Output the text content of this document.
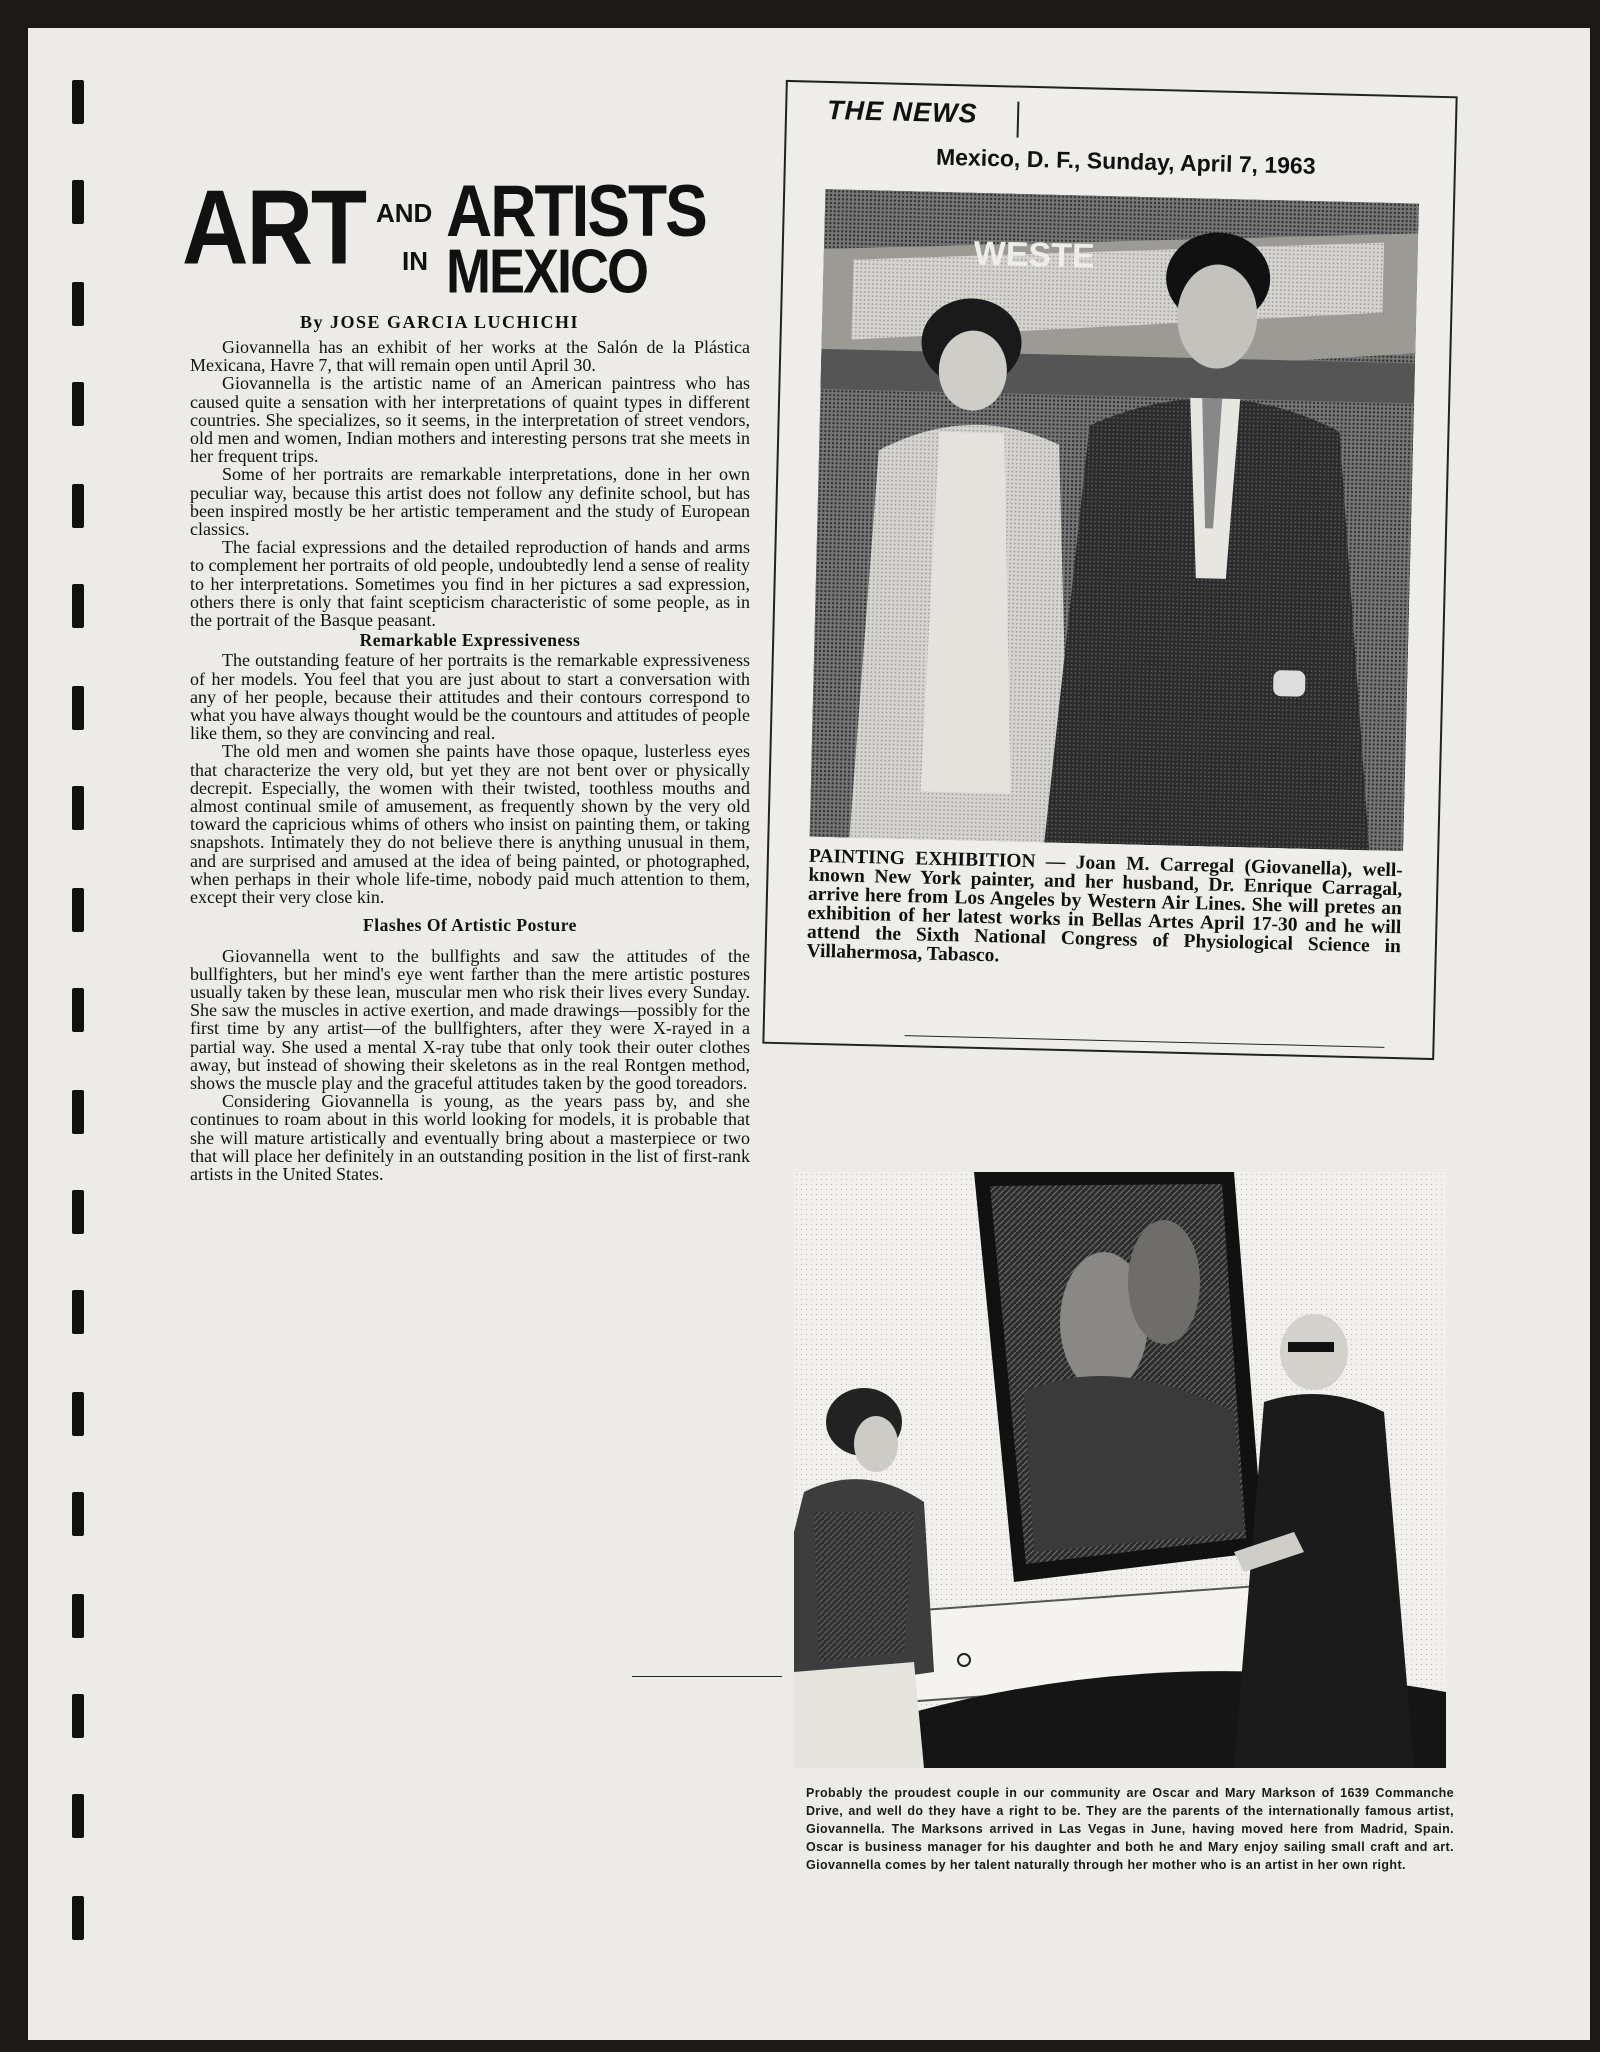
ART AND ARTISTS
IN MEXICO
By JOSE GARCIA LUCHICHI

Giovannella has an exhibit of her works at the Salón de la Plástica Mexicana, Havre 7, that will remain open until April 30.

Giovannella is the artistic name of an American paintress who has caused quite a sensation with her interpretations of quaint types in different countries. She specializes, so it seems, in the interpretation of street vendors, old men and women, Indian mothers and interesting persons trat she meets in her frequent trips.

Some of her portraits are remarkable interpretations, done in her own peculiar way, because this artist does not follow any definite school, but has been inspired mostly be her artistic temperament and the study of European classics.

The facial expressions and the detailed reproduction of hands and arms to complement her portraits of old people, undoubtedly lend a sense of reality to her interpretations. Sometimes you find in her pictures a sad expression, others there is only that faint scepticism characteristic of some people, as in the portrait of the Basque peasant.

Remarkable Expressiveness

The outstanding feature of her portraits is the remarkable expressiveness of her models. You feel that you are just about to start a conversation with any of her people, because their attitudes and their contours correspond to what you have always thought would be the countours and attitudes of people like them, so they are convincing and real.

The old men and women she paints have those opaque, lusterless eyes that characterize the very old, but yet they are not bent over or physically decrepit. Especially, the women with their twisted, toothless mouths and almost continual smile of amusement, as frequently shown by the very old toward the capricious whims of others who insist on painting them, or taking snapshots. Intimately they do not believe there is anything unusual in them, and are surprised and amused at the idea of being painted, or photographed, when perhaps in their whole life-time, nobody paid much attention to them, except their very close kin.

Flashes Of Artistic Posture

Giovannella went to the bullfights and saw the attitudes of the bullfighters, but her mind's eye went farther than the mere artistic postures usually taken by these lean, muscular men who risk their lives every Sunday. She saw the muscles in active exertion, and made drawings—possibly for the first time by any artist—of the bullfighters, after they were X-rayed in a partial way. She used a mental X-ray tube that only took their outer clothes away, but instead of showing their skeletons as in the real Rontgen method, shows the muscle play and the graceful attitudes taken by the good toreadors.

Considering Giovannella is young, as the years pass by, and she continues to roam about in this world looking for models, it is probable that she will mature artistically and eventually bring about a masterpiece or two that will place her definitely in an outstanding position in the list of first-rank artists in the United States.

THE NEWS
Mexico, D. F., Sunday, April 7, 1963
WESTE
PAINTING EXHIBITION — Joan M. Carregal (Giovanella), well-known New York painter, and her husband, Dr. Enrique Carragal, arrive here from Los Angeles by Western Air Lines. She will pretes an exhibition of her latest works in Bellas Artes April 17-30 and he will attend the Sixth National Congress of Physiological Science in Villahermosa, Tabasco.
Probably the proudest couple in our community are Oscar and Mary Markson of 1639 Commanche Drive, and well do they have a right to be. They are the parents of the internationally famous artist, Giovannella. The Marksons arrived in Las Vegas in June, having moved here from Madrid, Spain. Oscar is business manager for his daughter and both he and Mary enjoy sailing small craft and art. Giovannella comes by her talent naturally through her mother who is an artist in her own right.
